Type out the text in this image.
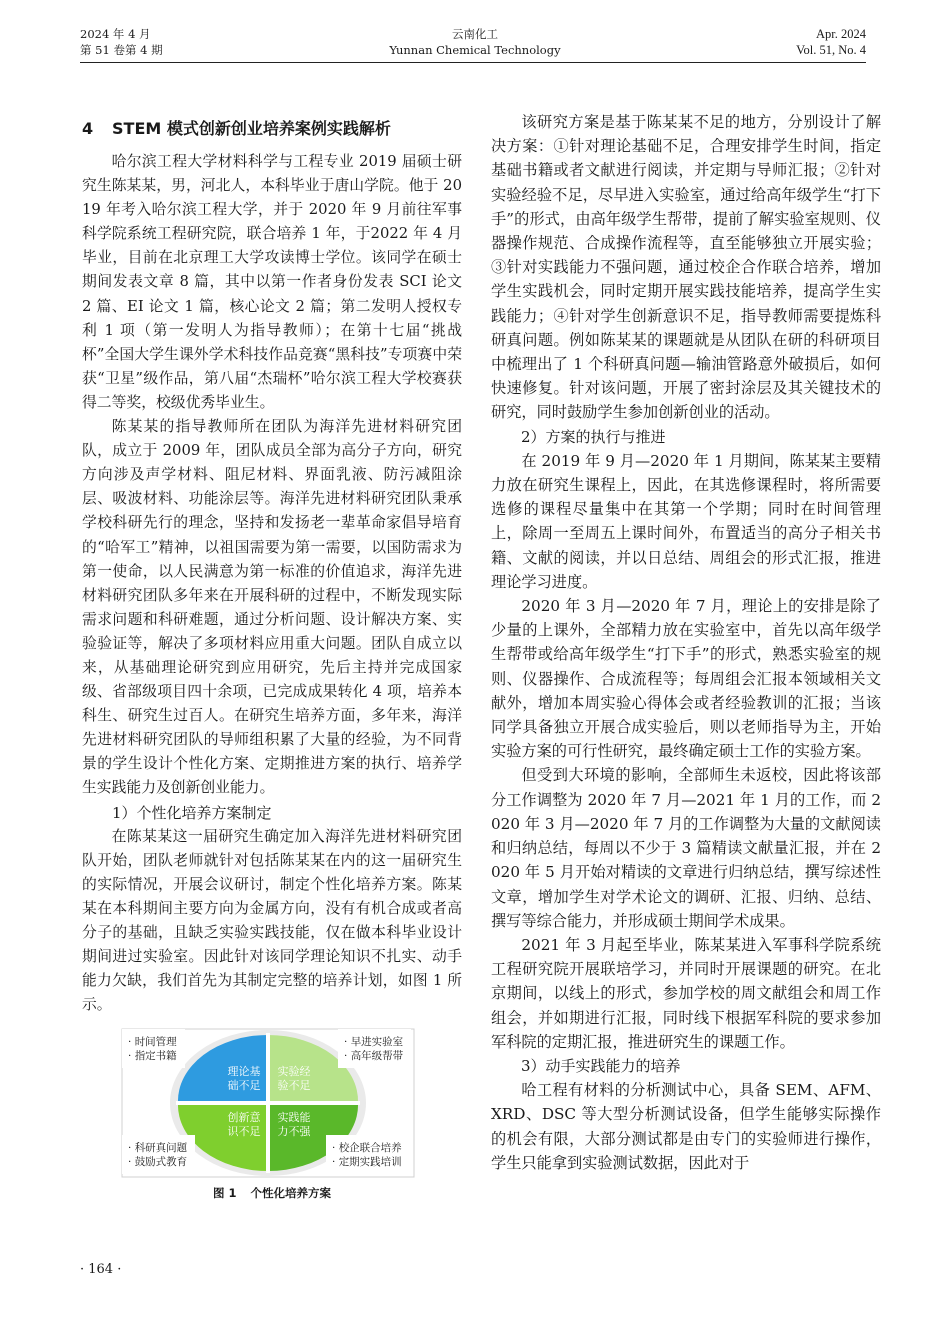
2024 年 4 月
第 51 卷第 4 期
云南化工
Yunnan Chemical Technology
Apr. 2024
Vol. 51, No. 4
4 STEM 模式创新创业培养案例实践解析

哈尔滨工程大学材料科学与工程专业 2019 届硕士研究生陈某某，男，河北人，本科毕业于唐山学院。他于 2019 年考入哈尔滨工程大学，并于 2020 年 9 月前往军事科学院系统工程研究院，联合培养 1 年，于2022 年 4 月毕业，目前在北京理工大学攻读博士学位。该同学在硕士期间发表文章 8 篇，其中以第一作者身份发表 SCI 论文 2 篇、EI 论文 1 篇，核心论文 2 篇；第二发明人授权专利 1 项（第一发明人为指导教师）；在第十七届“挑战杯”全国大学生课外学术科技作品竞赛“黑科技”专项赛中荣获“卫星”级作品，第八届“杰瑞杯”哈尔滨工程大学校赛获得二等奖，校级优秀毕业生。

陈某某的指导教师所在团队为海洋先进材料研究团队，成立于 2009 年，团队成员全部为高分子方向，研究方向涉及声学材料、阻尼材料、界面乳液、防污减阻涂层、吸波材料、功能涂层等。海洋先进材料研究团队秉承学校科研先行的理念，坚持和发扬老一辈革命家倡导培育的“哈军工”精神，以祖国需要为第一需要，以国防需求为第一使命，以人民满意为第一标准的价值追求，海洋先进材料研究团队多年来在开展科研的过程中，不断发现实际需求问题和科研难题，通过分析问题、设计解决方案、实验验证等，解决了多项材料应用重大问题。团队自成立以来，从基础理论研究到应用研究，先后主持并完成国家级、省部级项目四十余项，已完成成果转化 4 项，培养本科生、研究生过百人。在研究生培养方面，多年来，海洋先进材料研究团队的导师组积累了大量的经验，为不同背景的学生设计个性化方案、定期推进方案的执行、培养学生实践能力及创新创业能力。

1）个性化培养方案制定

在陈某某这一届研究生确定加入海洋先进材料研究团队开始，团队老师就针对包括陈某某在内的这一届研究生的实际情况，开展会议研讨，制定个性化培养方案。陈某某在本科期间主要方向为金属方向，没有有机合成或者高分子的基础，且缺乏实验实践技能，仅在做本科毕业设计期间进过实验室。因此针对该同学理论知识不扎实、动手能力欠缺，我们首先为其制定完整的培养计划，如图 1 所示。

· 时间管理
· 指定书籍
· 早进实验室
· 高年级帮带
· 科研真问题
· 鼓励式教育
· 校企联合培养
· 定期实践培训
理论基础不足
实验经验不足
创新意识不足
实践能力不强
图 1 个性化培养方案

该研究方案是基于陈某某不足的地方，分别设计了解决方案：①针对理论基础不足，合理安排学生时间，指定基础书籍或者文献进行阅读，并定期与导师汇报；②针对实验经验不足，尽早进入实验室，通过给高年级学生“打下手”的形式，由高年级学生帮带，提前了解实验室规则、仪器操作规范、合成操作流程等，直至能够独立开展实验；③针对实践能力不强问题，通过校企合作联合培养，增加学生实践机会，同时定期开展实践技能培养，提高学生实践能力；④针对学生创新意识不足，指导教师需要提炼科研真问题。例如陈某某的课题就是从团队在研的科研项目中梳理出了 1 个科研真问题—输油管路意外破损后，如何快速修复。针对该问题，开展了密封涂层及其关键技术的研究，同时鼓励学生参加创新创业的活动。

2）方案的执行与推进

在 2019 年 9 月—2020 年 1 月期间，陈某某主要精力放在研究生课程上，因此，在其选修课程时，将所需要选修的课程尽量集中在其第一个学期；同时在时间管理上，除周一至周五上课时间外，布置适当的高分子相关书籍、文献的阅读，并以日总结、周组会的形式汇报，推进理论学习进度。

2020 年 3 月—2020 年 7 月，理论上的安排是除了少量的上课外，全部精力放在实验室中，首先以高年级学生帮带或给高年级学生“打下手”的形式，熟悉实验室的规则、仪器操作、合成流程等；每周组会汇报本领域相关文献外，增加本周实验心得体会或者经验教训的汇报；当该同学具备独立开展合成实验后，则以老师指导为主，开始实验方案的可行性研究，最终确定硕士工作的实验方案。

但受到大环境的影响，全部师生未返校，因此将该部分工作调整为 2020 年 7 月—2021 年 1 月的工作，而 2020 年 3 月—2020 年 7 月的工作调整为大量的文献阅读和归纳总结，每周以不少于 3 篇精读文献量汇报，并在 2020 年 5 月开始对精读的文章进行归纳总结，撰写综述性文章，增加学生对学术论文的调研、汇报、归纳、总结、撰写等综合能力，并形成硕士期间学术成果。

2021 年 3 月起至毕业，陈某某进入军事科学院系统工程研究院开展联培学习，并同时开展课题的研究。在北京期间，以线上的形式，参加学校的周文献组会和周工作组会，并如期进行汇报，同时线下根据军科院的要求参加军科院的定期汇报，推进研究生的课题工作。

3）动手实践能力的培养

哈工程有材料的分析测试中心，具备 SEM、AFM、XRD、DSC 等大型分析测试设备，但学生能够实际操作的机会有限，大部分测试都是由专门的实验师进行操作，学生只能拿到实验测试数据，因此对于

· 164 ·
